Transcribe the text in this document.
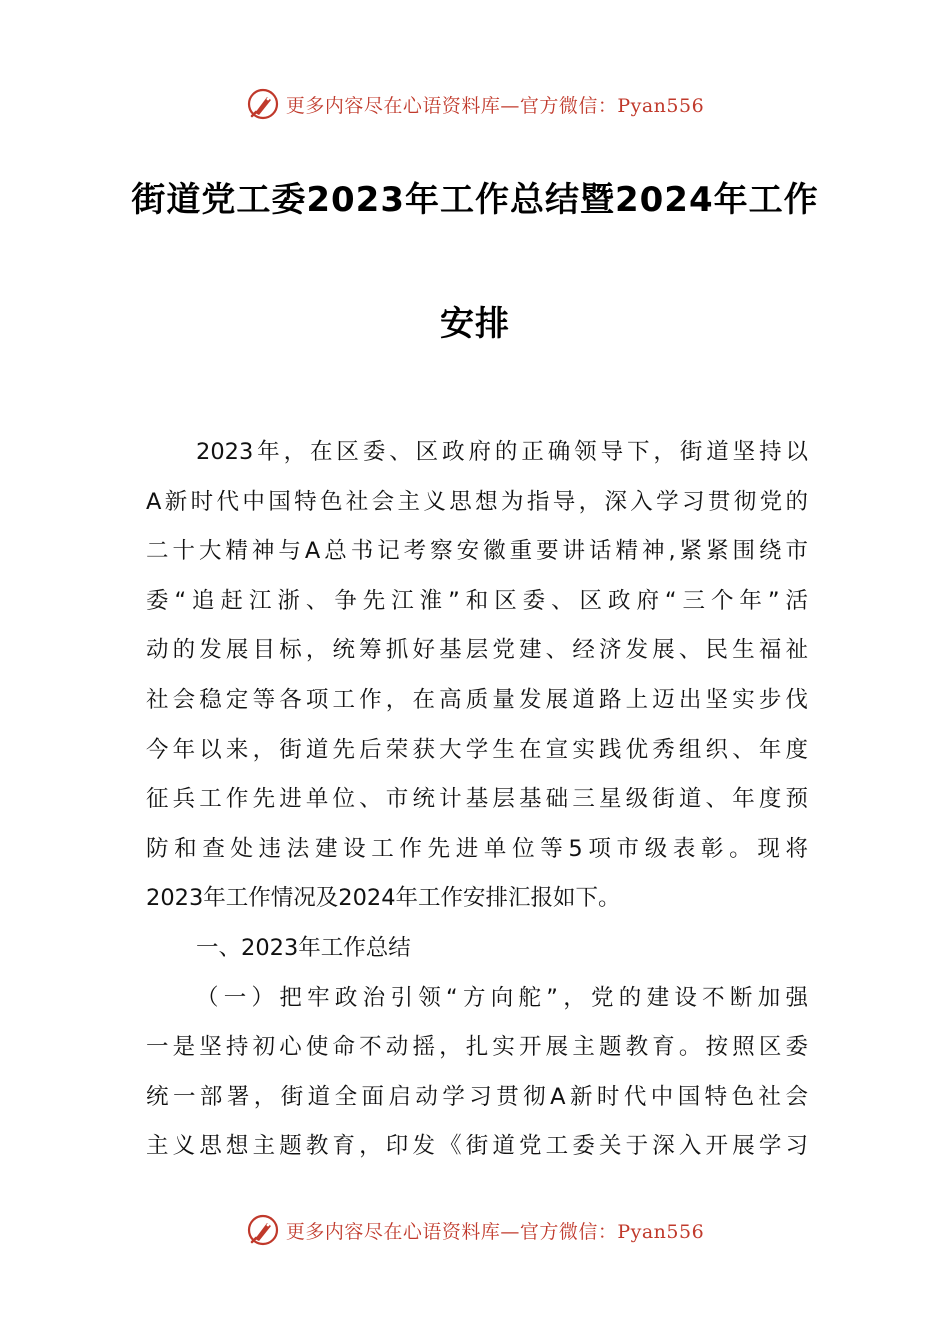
更多内容尽在心语资料库—官方微信：Pyan556
街道党工委2023年工作总结暨2024年工作
安排
2023年，在区委、区政府的正确领导下，街道坚持以
A新时代中国特色社会主义思想为指导，深入学习贯彻党的
二十大精神与A总书记考察安徽重要讲话精神,紧紧围绕市
委“追赶江浙、争先江淮”和区委、区政府“三个年”活
动的发展目标，统筹抓好基层党建、经济发展、民生福祉
社会稳定等各项工作，在高质量发展道路上迈出坚实步伐
今年以来，街道先后荣获大学生在宣实践优秀组织、年度
征兵工作先进单位、市统计基层基础三星级街道、年度预
防和查处违法建设工作先进单位等5项市级表彰。现将
2023年工作情况及2024年工作安排汇报如下。
一、2023年工作总结
（一）把牢政治引领“方向舵”，党的建设不断加强
一是坚持初心使命不动摇，扎实开展主题教育。按照区委
统一部署，街道全面启动学习贯彻A新时代中国特色社会
主义思想主题教育，印发《街道党工委关于深入开展学习
更多内容尽在心语资料库—官方微信：Pyan556
